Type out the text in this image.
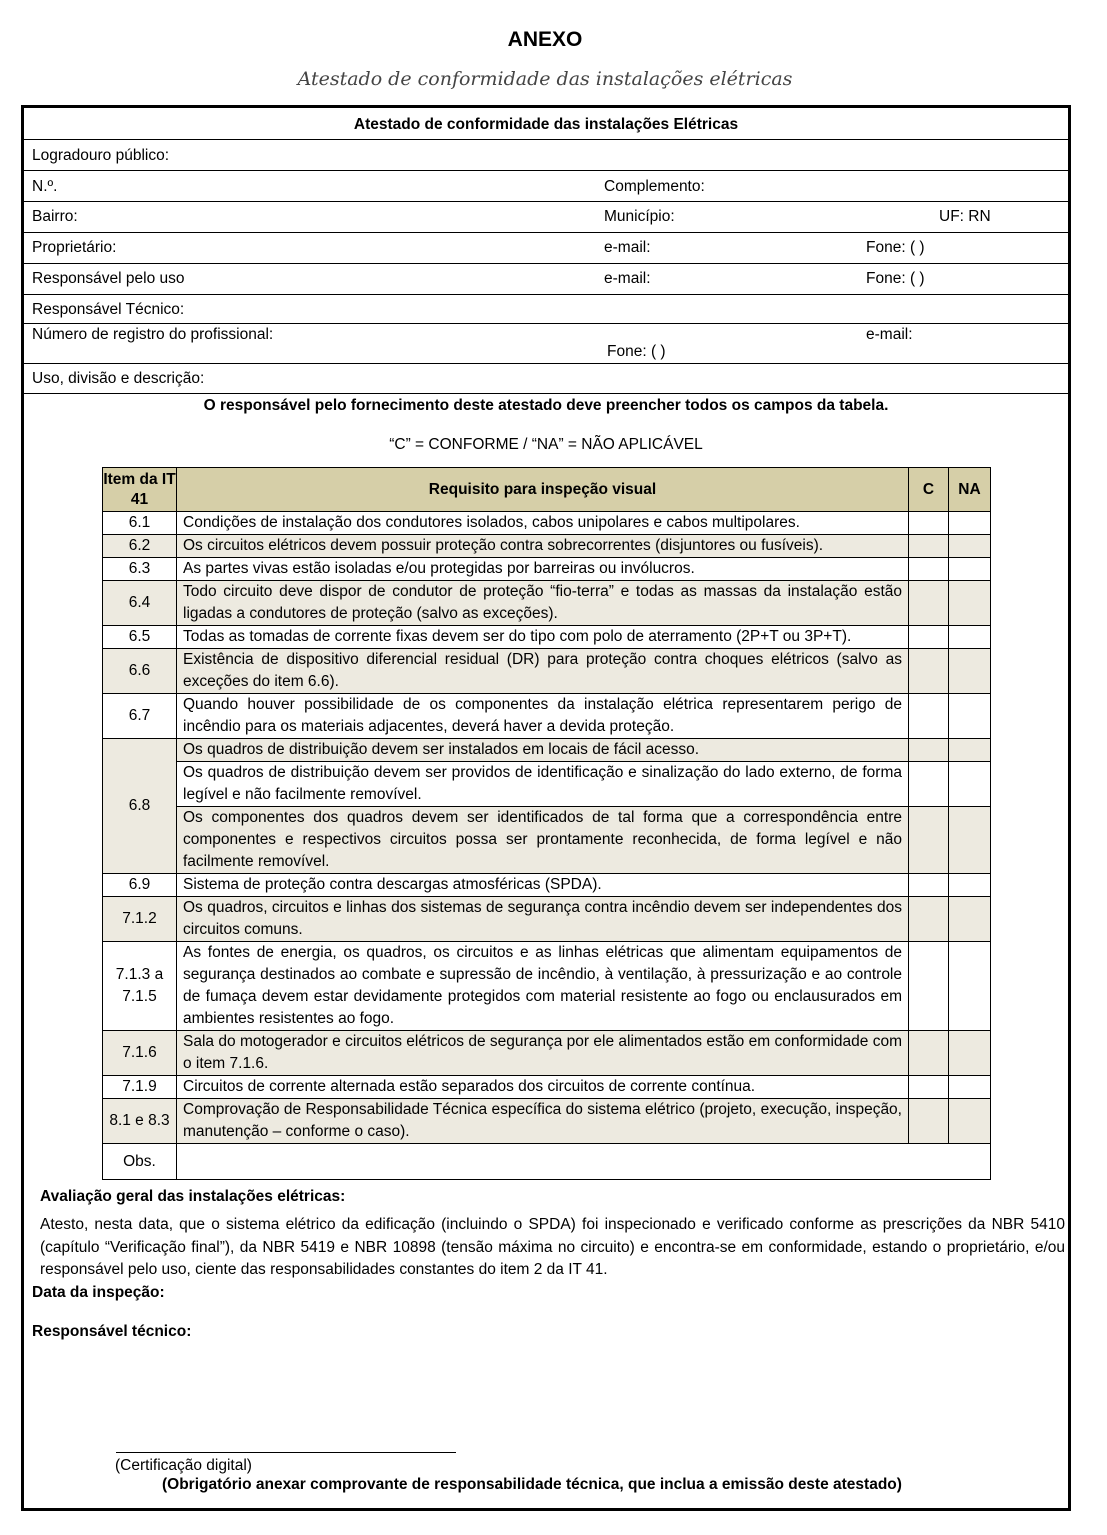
ANEXO
Atestado de conformidade das instalações elétricas
Atestado de conformidade das instalações Elétricas
Logradouro público:
N.º.	Complemento:
Bairro:	Município:	UF: RN
Proprietário:	e-mail:	Fone: ( )
Responsável pelo uso	e-mail:	Fone: ( )
Responsável Técnico:
Número de registro do profissional:	e-mail:
Fone: ( )
Uso, divisão e descrição:
O responsável pelo fornecimento deste atestado deve preencher todos os campos da tabela.
“C” = CONFORME / “NA” = NÃO APLICÁVEL
Item da IT 41	Requisito para inspeção visual	C	NA
6.1	Condições de instalação dos condutores isolados, cabos unipolares e cabos multipolares.		
6.2	Os circuitos elétricos devem possuir proteção contra sobrecorrentes (disjuntores ou fusíveis).		
6.3	As partes vivas estão isoladas e/ou protegidas por barreiras ou invólucros.		
6.4	Todo circuito deve dispor de condutor de proteção “fio-terra” e todas as massas da instalação estão ligadas a condutores de proteção (salvo as exceções).		
6.5	Todas as tomadas de corrente fixas devem ser do tipo com polo de aterramento (2P+T ou 3P+T).		
6.6	Existência de dispositivo diferencial residual (DR) para proteção contra choques elétricos (salvo as exceções do item 6.6).		
6.7	Quando houver possibilidade de os componentes da instalação elétrica representarem perigo de incêndio para os materiais adjacentes, deverá haver a devida proteção.		
6.8	Os quadros de distribuição devem ser instalados em locais de fácil acesso.		
	Os quadros de distribuição devem ser providos de identificação e sinalização do lado externo, de forma legível e não facilmente removível.		
	Os componentes dos quadros devem ser identificados de tal forma que a correspondência entre componentes e respectivos circuitos possa ser prontamente reconhecida, de forma legível e não facilmente removível.		
6.9	Sistema de proteção contra descargas atmosféricas (SPDA).		
7.1.2	Os quadros, circuitos e linhas dos sistemas de segurança contra incêndio devem ser independentes dos circuitos comuns.		
7.1.3 a 7.1.5	As fontes de energia, os quadros, os circuitos e as linhas elétricas que alimentam equipamentos de segurança destinados ao combate e supressão de incêndio, à ventilação, à pressurização e ao controle de fumaça devem estar devidamente protegidos com material resistente ao fogo ou enclausurados em ambientes resistentes ao fogo.		
7.1.6	Sala do motogerador e circuitos elétricos de segurança por ele alimentados estão em conformidade com o item 7.1.6.		
7.1.9	Circuitos de corrente alternada estão separados dos circuitos de corrente contínua.		
8.1 e 8.3	Comprovação de Responsabilidade Técnica específica do sistema elétrico (projeto, execução, inspeção, manutenção – conforme o caso).		
Obs.			
Avaliação geral das instalações elétricas:
Atesto, nesta data, que o sistema elétrico da edificação (incluindo o SPDA) foi inspecionado e verificado conforme as prescrições da NBR 5410 (capítulo “Verificação final”), da NBR 5419 e NBR 10898 (tensão máxima no circuito) e encontra-se em conformidade, estando o proprietário, e/ou responsável pelo uso, ciente das responsabilidades constantes do item 2 da IT 41.
Data da inspeção:
Responsável técnico:
(Certificação digital)
(Obrigatório anexar comprovante de responsabilidade técnica, que inclua a emissão deste atestado)
